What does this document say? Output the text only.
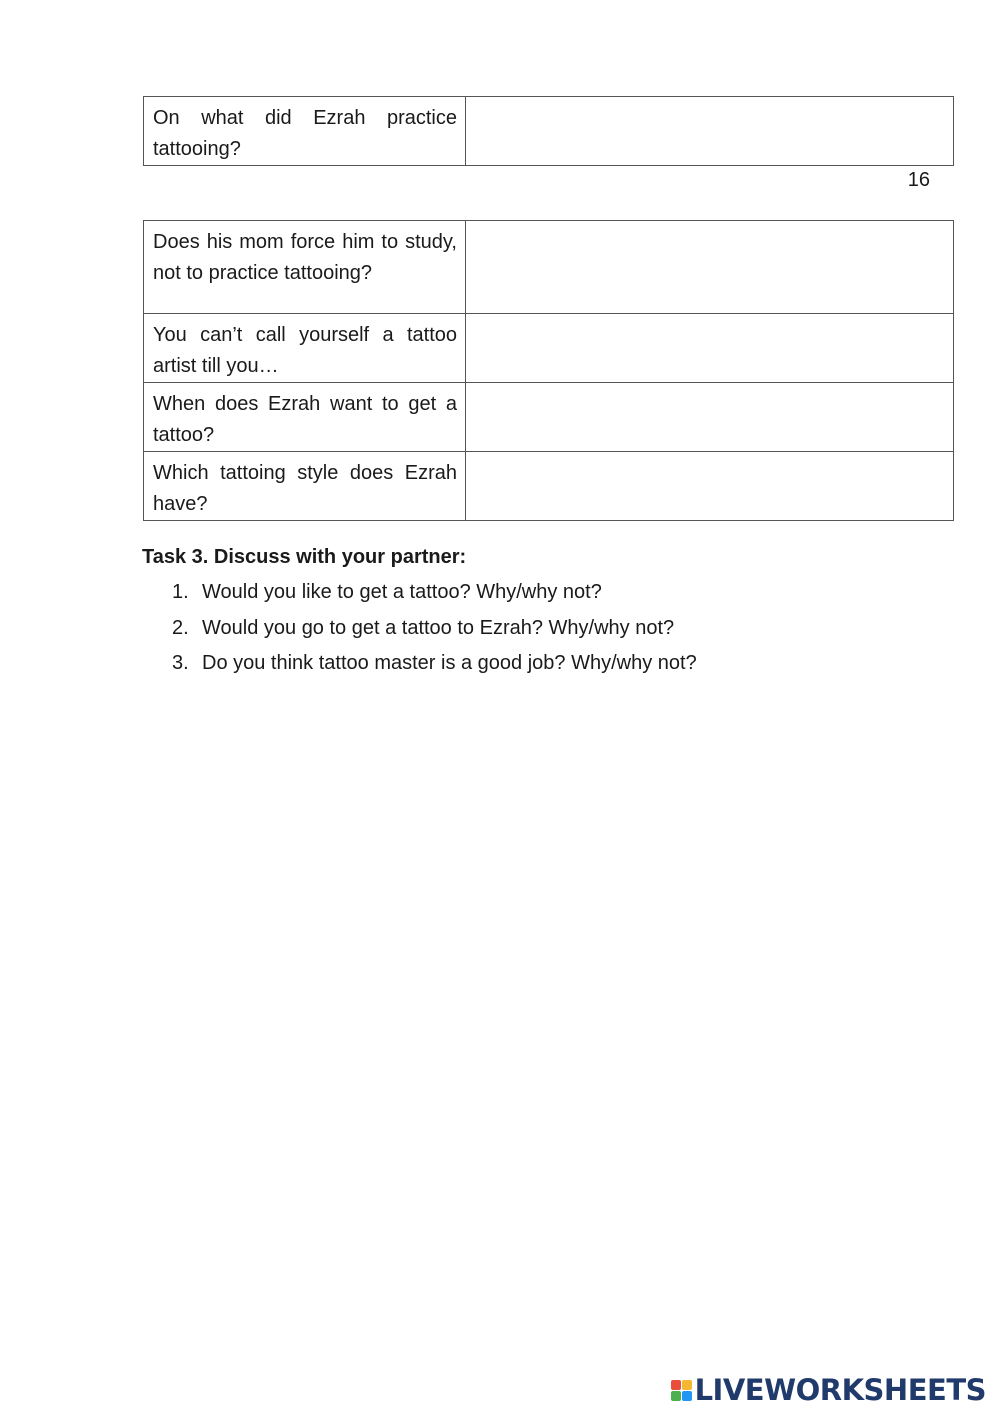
On what did Ezrah practice tattooing?	
16
Does his mom force him to study, not to practice tattooing?	
You can’t call yourself a tattoo artist till you…	
When does Ezrah want to get a tattoo?	
Which tattoing style does Ezrah have?	
Task 3. Discuss with your partner:
1. Would you like to get a tattoo? Why/why not?
2. Would you go to get a tattoo to Ezrah? Why/why not?
3. Do you think tattoo master is a good job? Why/why not?
LIVEWORKSHEETS
